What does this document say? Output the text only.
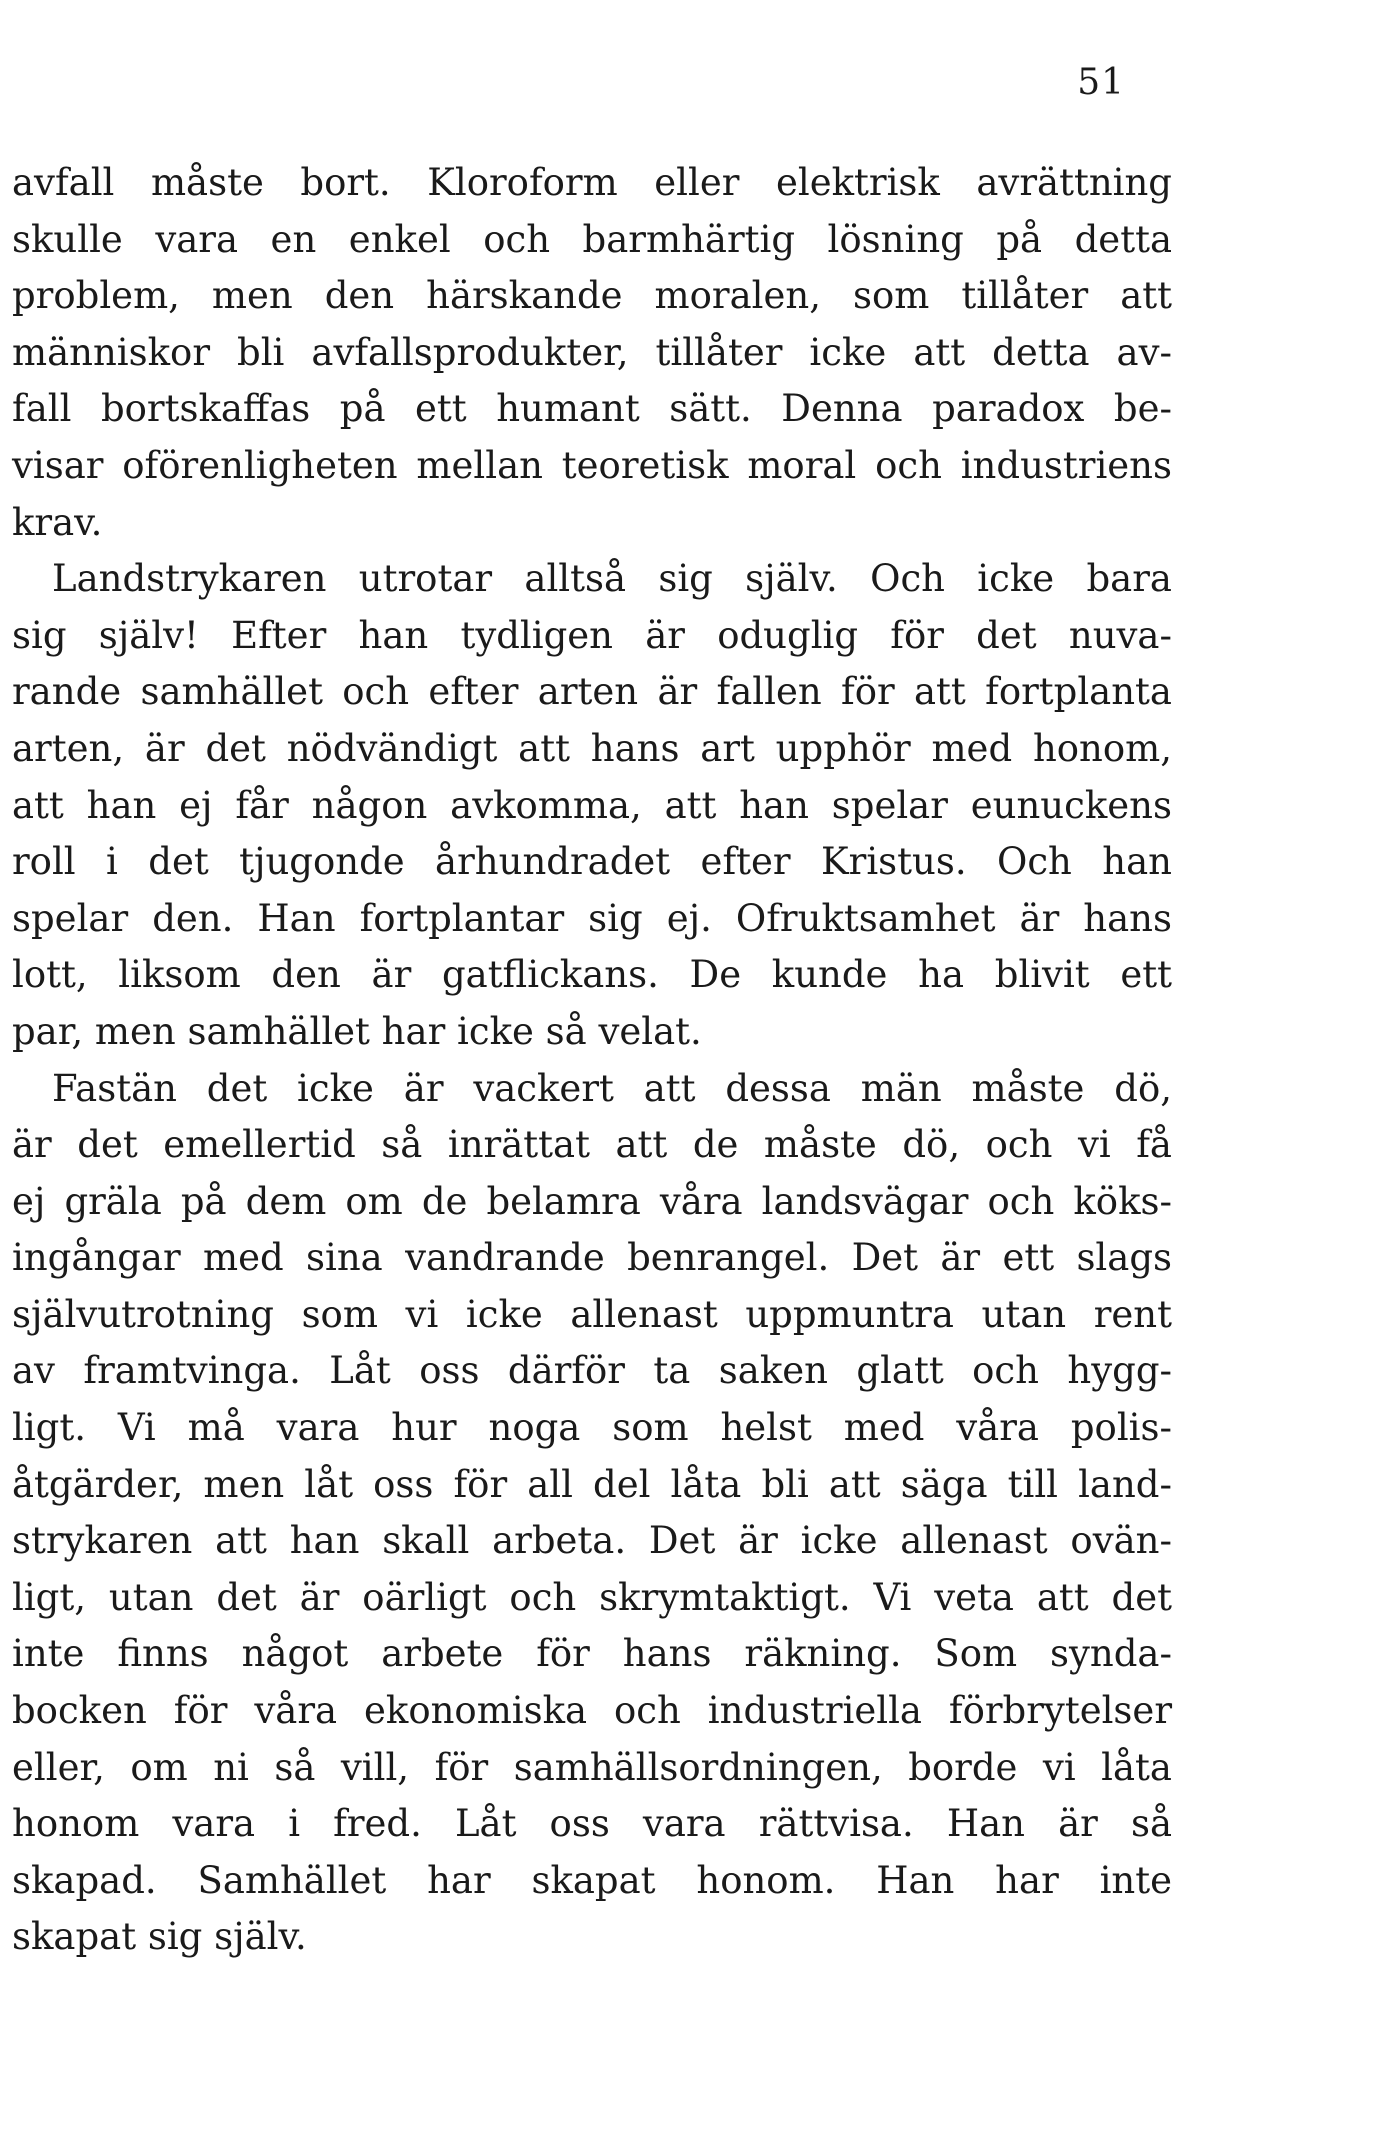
51
avfall måste bort. Kloroform eller elektrisk avrättning
skulle vara en enkel och barmhärtig lösning på detta
problem, men den härskande moralen, som tillåter att
människor bli avfallsprodukter, tillåter icke att detta av-
fall bortskaffas på ett humant sätt. Denna paradox be-
visar oförenligheten mellan teoretisk moral och industriens
krav.
Landstrykaren utrotar alltså sig själv. Och icke bara
sig själv! Efter han tydligen är oduglig för det nuva-
rande samhället och efter arten är fallen för att fortplanta
arten, är det nödvändigt att hans art upphör med honom,
att han ej får någon avkomma, att han spelar eunuckens
roll i det tjugonde århundradet efter Kristus. Och han
spelar den. Han fortplantar sig ej. Ofruktsamhet är hans
lott, liksom den är gatflickans. De kunde ha blivit ett
par, men samhället har icke så velat.
Fastän det icke är vackert att dessa män måste dö,
är det emellertid så inrättat att de måste dö, och vi få
ej gräla på dem om de belamra våra landsvägar och köks-
ingångar med sina vandrande benrangel. Det är ett slags
självutrotning som vi icke allenast uppmuntra utan rent
av framtvinga. Låt oss därför ta saken glatt och hygg-
ligt. Vi må vara hur noga som helst med våra polis-
åtgärder, men låt oss för all del låta bli att säga till land-
strykaren att han skall arbeta. Det är icke allenast ovän-
ligt, utan det är oärligt och skrymtaktigt. Vi veta att det
inte finns något arbete för hans räkning. Som synda-
bocken för våra ekonomiska och industriella förbrytelser
eller, om ni så vill, för samhällsordningen, borde vi låta
honom vara i fred. Låt oss vara rättvisa. Han är så
skapad. Samhället har skapat honom. Han har inte
skapat sig själv.
